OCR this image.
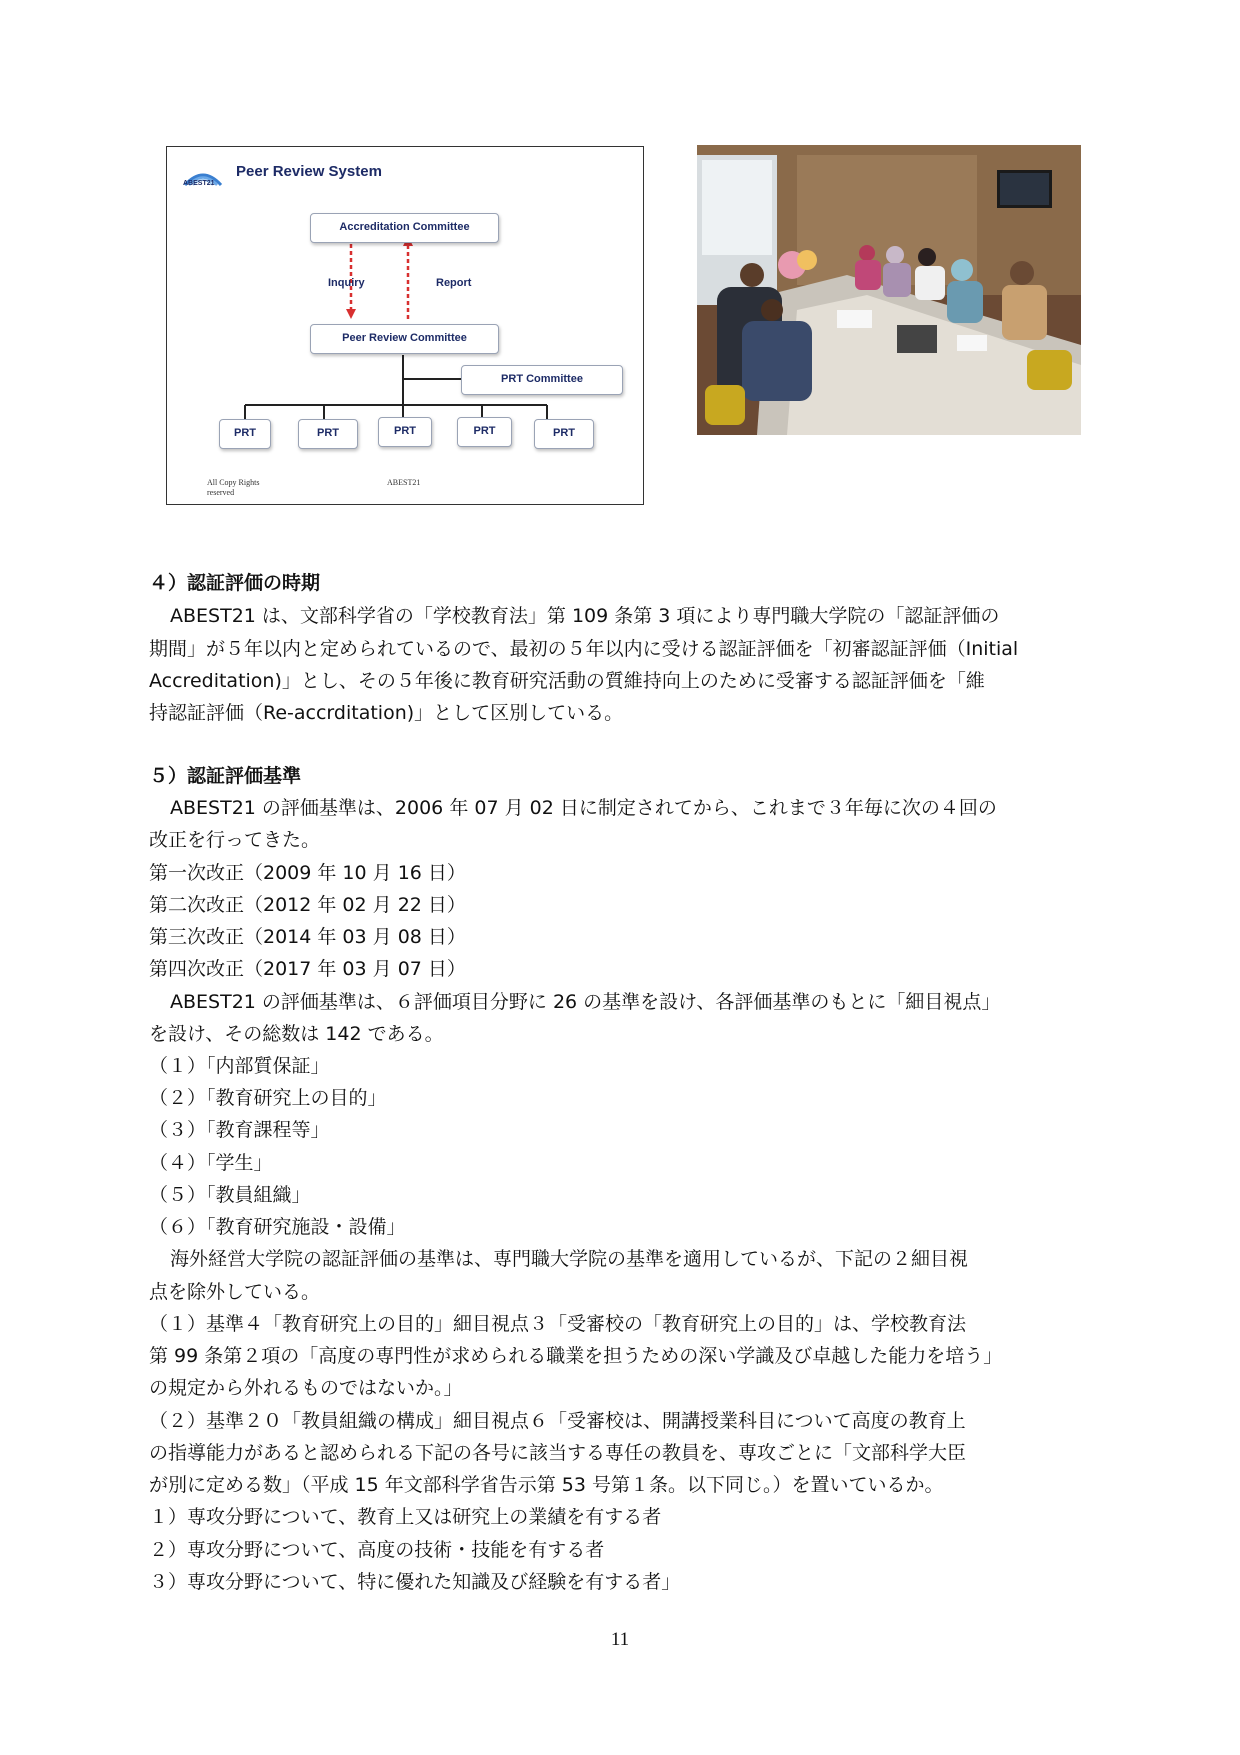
ABEST21
Peer Review System
Accreditation Committee
Inquiry	Report
Peer Review Committee
PRT Committee
PRT	PRT	PRT	PRT	PRT
All Copy Rights
reserved
ABEST21
４）認証評価の時期
ABEST21 は、文部科学省の「学校教育法」第 109 条第 3 項により専門職大学院の「認証評価の
期間」が５年以内と定められているので、最初の５年以内に受ける認証評価を「初審認証評価（Initial
Accreditation)」とし、その５年後に教育研究活動の質維持向上のために受審する認証評価を「維
持認証評価（Re-accrditation)」として区別している。
５）認証評価基準
ABEST21 の評価基準は、2006 年 07 月 02 日に制定されてから、これまで３年毎に次の４回の
改正を行ってきた。
第一次改正（2009 年 10 月 16 日）
第二次改正（2012 年 02 月 22 日）
第三次改正（2014 年 03 月 08 日）
第四次改正（2017 年 03 月 07 日）
ABEST21 の評価基準は、６評価項目分野に 26 の基準を設け、各評価基準のもとに「細目視点」
を設け、その総数は 142 である。
（１）「内部質保証」
（２）「教育研究上の目的」
（３）「教育課程等」
（４）「学生」
（５）「教員組織」
（６）「教育研究施設・設備」
海外経営大学院の認証評価の基準は、専門職大学院の基準を適用しているが、下記の２細目視
点を除外している。
（１）基準４「教育研究上の目的」細目視点３「受審校の「教育研究上の目的」は、学校教育法
第 99 条第２項の「高度の専門性が求められる職業を担うための深い学識及び卓越した能力を培う」
の規定から外れるものではないか。」
（２）基準２０「教員組織の構成」細目視点６「受審校は、開講授業科目について高度の教育上
の指導能力があると認められる下記の各号に該当する専任の教員を、専攻ごとに「文部科学大臣
が別に定める数」（平成 15 年文部科学省告示第 53 号第１条。以下同じ。）を置いているか。
１）専攻分野について、教育上又は研究上の業績を有する者
２）専攻分野について、高度の技術・技能を有する者
３）専攻分野について、特に優れた知識及び経験を有する者」
11
